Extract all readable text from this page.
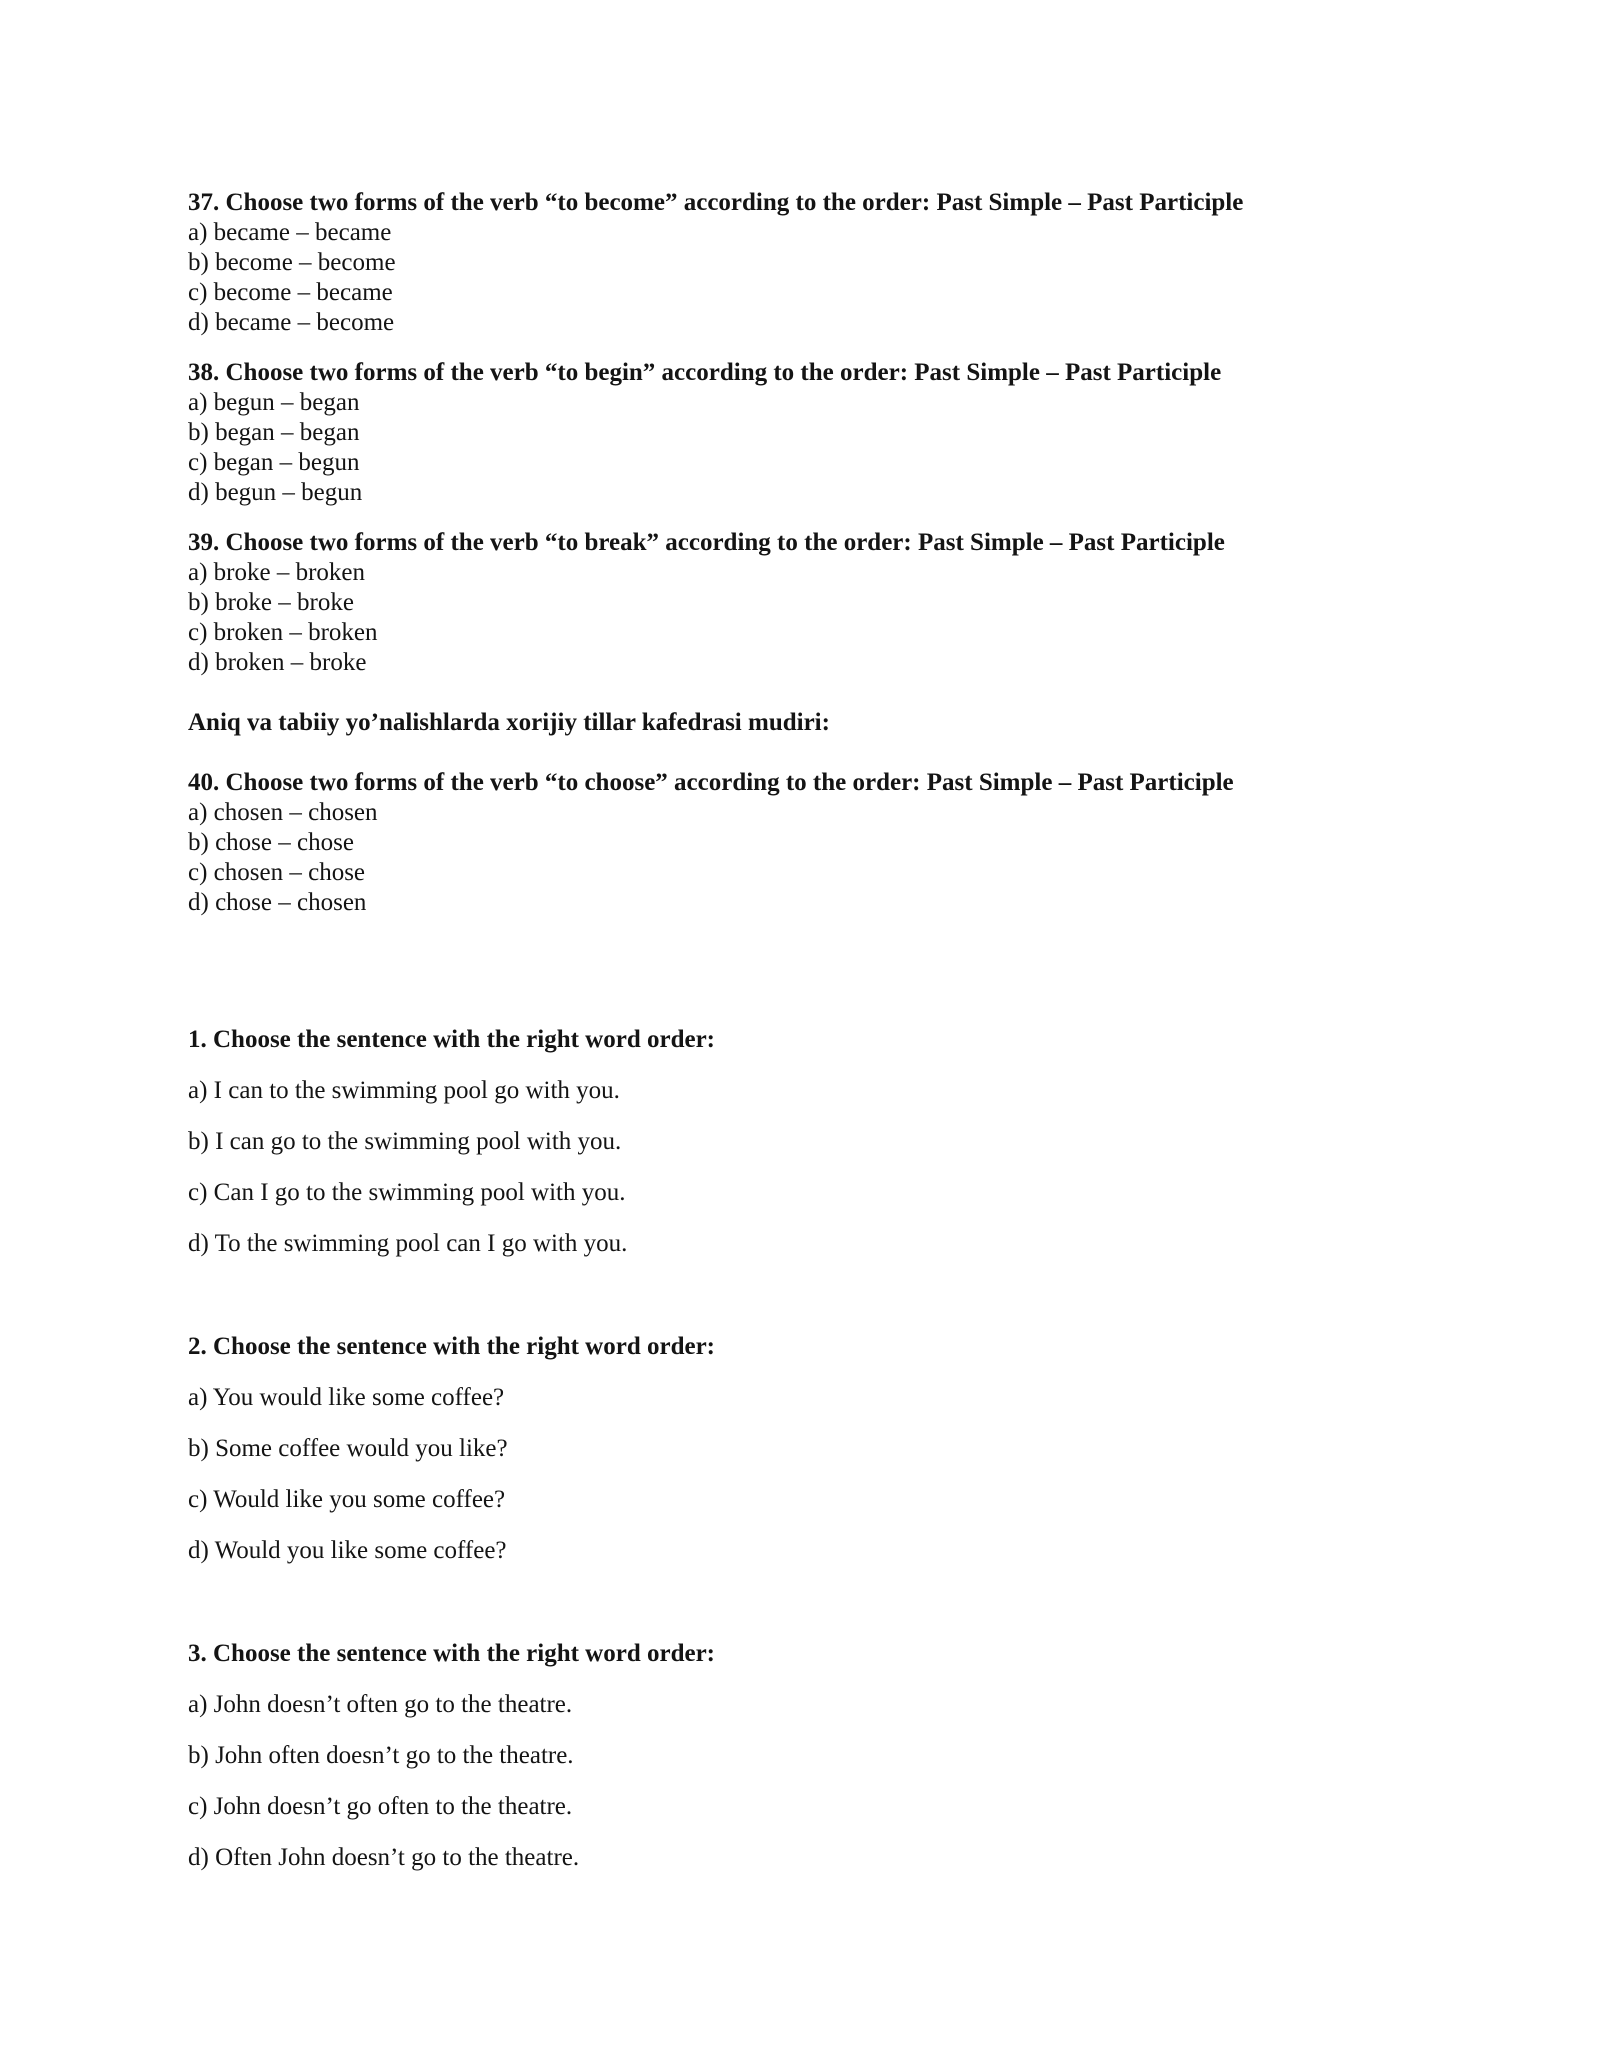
37. Choose two forms of the verb “to become” according to the order: Past Simple – Past Participle
a) became – became
b) become – become
c) become – became
d) became – become
38. Choose two forms of the verb “to begin” according to the order: Past Simple – Past Participle
a) begun – began
b) began – began
c) began – begun
d) begun – begun
39. Choose two forms of the verb “to break” according to the order: Past Simple – Past Participle
a) broke – broken
b) broke – broke
c) broken – broken
d) broken – broke
Aniq va tabiiy yo’nalishlarda xorijiy tillar kafedrasi mudiri:
40. Choose two forms of the verb “to choose” according to the order: Past Simple – Past Participle
a) chosen – chosen
b) chose – chose
c) chosen – chose
d) chose – chosen
1. Choose the sentence with the right word order:
a) I can to the swimming pool go with you.
b) I can go to the swimming pool with you.
c) Can I go to the swimming pool with you.
d) To the swimming pool can I go with you.
2. Choose the sentence with the right word order:
a) You would like some coffee?
b) Some coffee would you like?
c) Would like you some coffee?
d) Would you like some coffee?
3. Choose the sentence with the right word order:
a) John doesn’t often go to the theatre.
b) John often doesn’t go to the theatre.
c) John doesn’t go often to the theatre.
d) Often John doesn’t go to the theatre.
